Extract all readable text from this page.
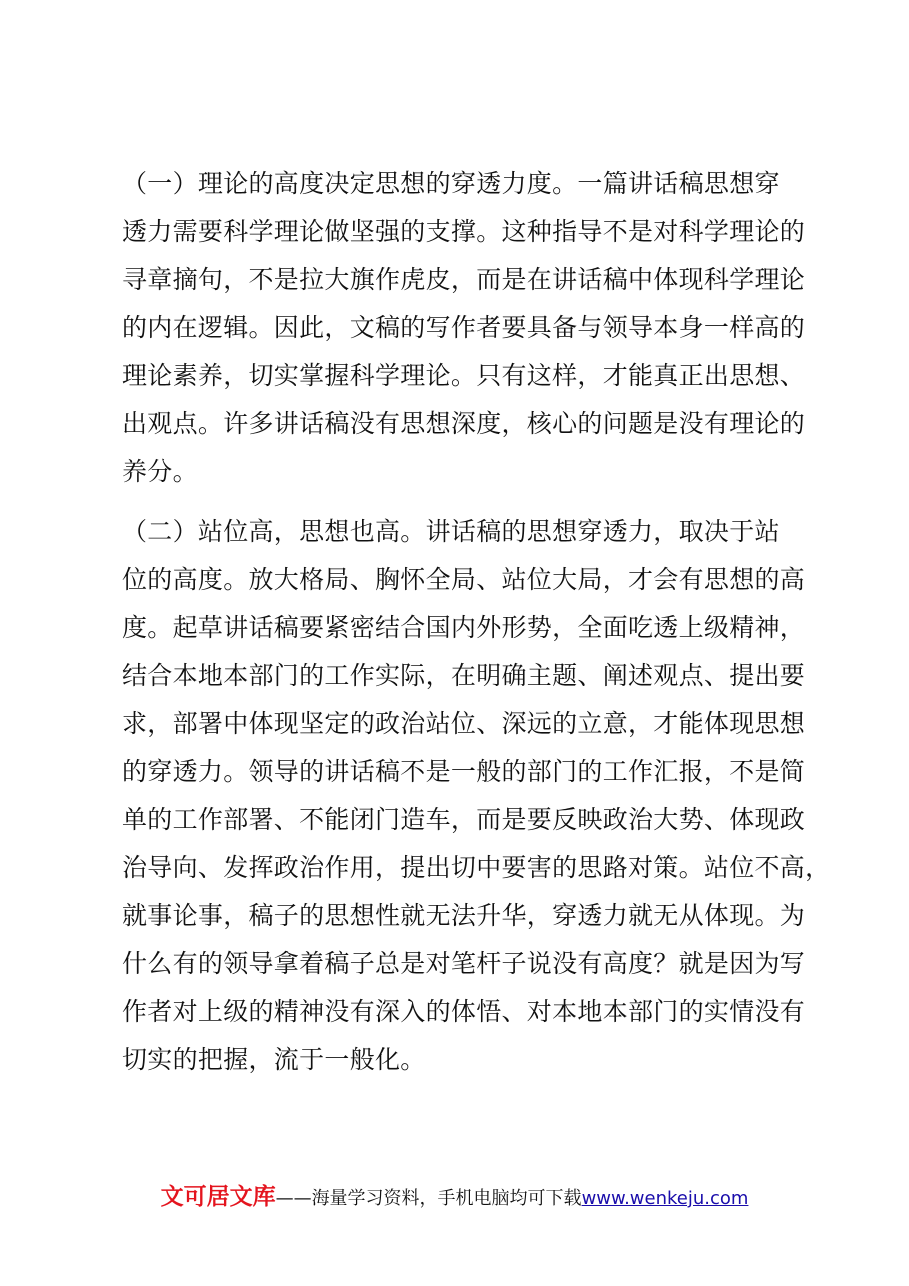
（一）理论的高度决定思想的穿透力度。一篇讲话稿思想穿
透力需要科学理论做坚强的支撑。这种指导不是对科学理论的
寻章摘句，不是拉大旗作虎皮，而是在讲话稿中体现科学理论
的内在逻辑。因此，文稿的写作者要具备与领导本身一样高的
理论素养，切实掌握科学理论。只有这样，才能真正出思想、
出观点。许多讲话稿没有思想深度，核心的问题是没有理论的
养分。
（二）站位高，思想也高。讲话稿的思想穿透力，取决于站
位的高度。放大格局、胸怀全局、站位大局，才会有思想的高
度。起草讲话稿要紧密结合国内外形势，全面吃透上级精神，
结合本地本部门的工作实际，在明确主题、阐述观点、提出要
求，部署中体现坚定的政治站位、深远的立意，才能体现思想
的穿透力。领导的讲话稿不是一般的部门的工作汇报，不是简
单的工作部署、不能闭门造车，而是要反映政治大势、体现政
治导向、发挥政治作用，提出切中要害的思路对策。站位不高，
就事论事，稿子的思想性就无法升华，穿透力就无从体现。为
什么有的领导拿着稿子总是对笔杆子说没有高度？就是因为写
作者对上级的精神没有深入的体悟、对本地本部门的实情没有
切实的把握，流于一般化。
文可居文库——海量学习资料，手机电脑均可下载www.wenkeju.com
